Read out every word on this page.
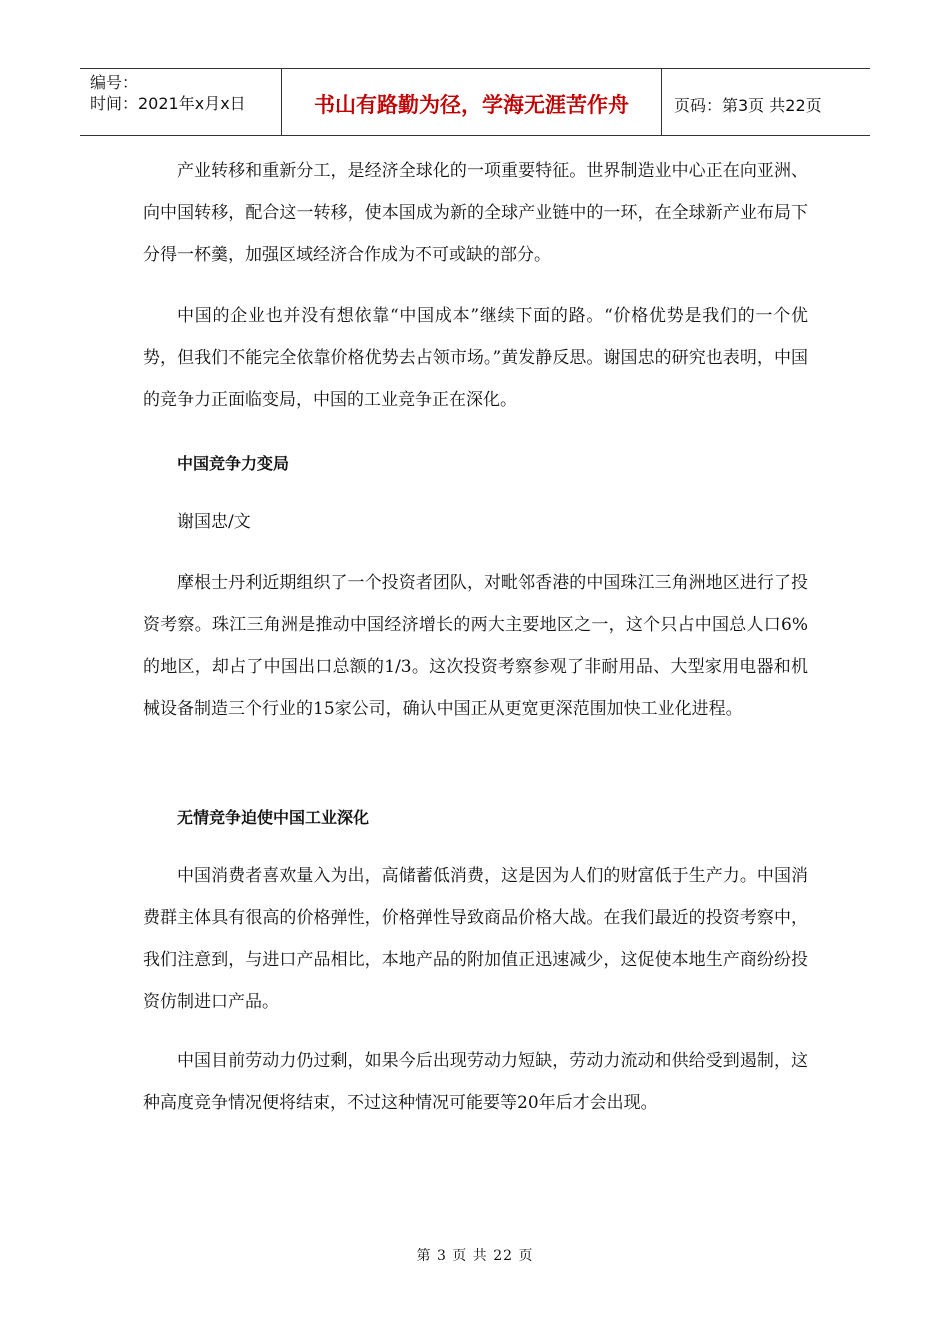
编号：
时间：2021年x月x日	书山有路勤为径，学海无涯苦作舟	页码：第3页 共22页

产业转移和重新分工，是经济全球化的一项重要特征。世界制造业中心正在向亚洲、向中国转移，配合这一转移，使本国成为新的全球产业链中的一环，在全球新产业布局下分得一杯羹，加强区域经济合作成为不可或缺的部分。

中国的企业也并没有想依靠“中国成本”继续下面的路。“价格优势是我们的一个优势，但我们不能完全依靠价格优势去占领市场。”黄发静反思。谢国忠的研究也表明，中国的竞争力正面临变局，中国的工业竞争正在深化。

中国竞争力变局
谢国忠/文

摩根士丹利近期组织了一个投资者团队，对毗邻香港的中国珠江三角洲地区进行了投资考察。珠江三角洲是推动中国经济增长的两大主要地区之一，这个只占中国总人口6%的地区，却占了中国出口总额的1/3。这次投资考察参观了非耐用品、大型家用电器和机械设备制造三个行业的15家公司，确认中国正从更宽更深范围加快工业化进程。

无情竞争迫使中国工业深化

中国消费者喜欢量入为出，高储蓄低消费，这是因为人们的财富低于生产力。中国消费群主体具有很高的价格弹性，价格弹性导致商品价格大战。在我们最近的投资考察中，我们注意到，与进口产品相比，本地产品的附加值正迅速减少，这促使本地生产商纷纷投资仿制进口产品。

中国目前劳动力仍过剩，如果今后出现劳动力短缺，劳动力流动和供给受到遏制，这种高度竞争情况便将结束，不过这种情况可能要等20年后才会出现。

第 3 页 共 22 页
